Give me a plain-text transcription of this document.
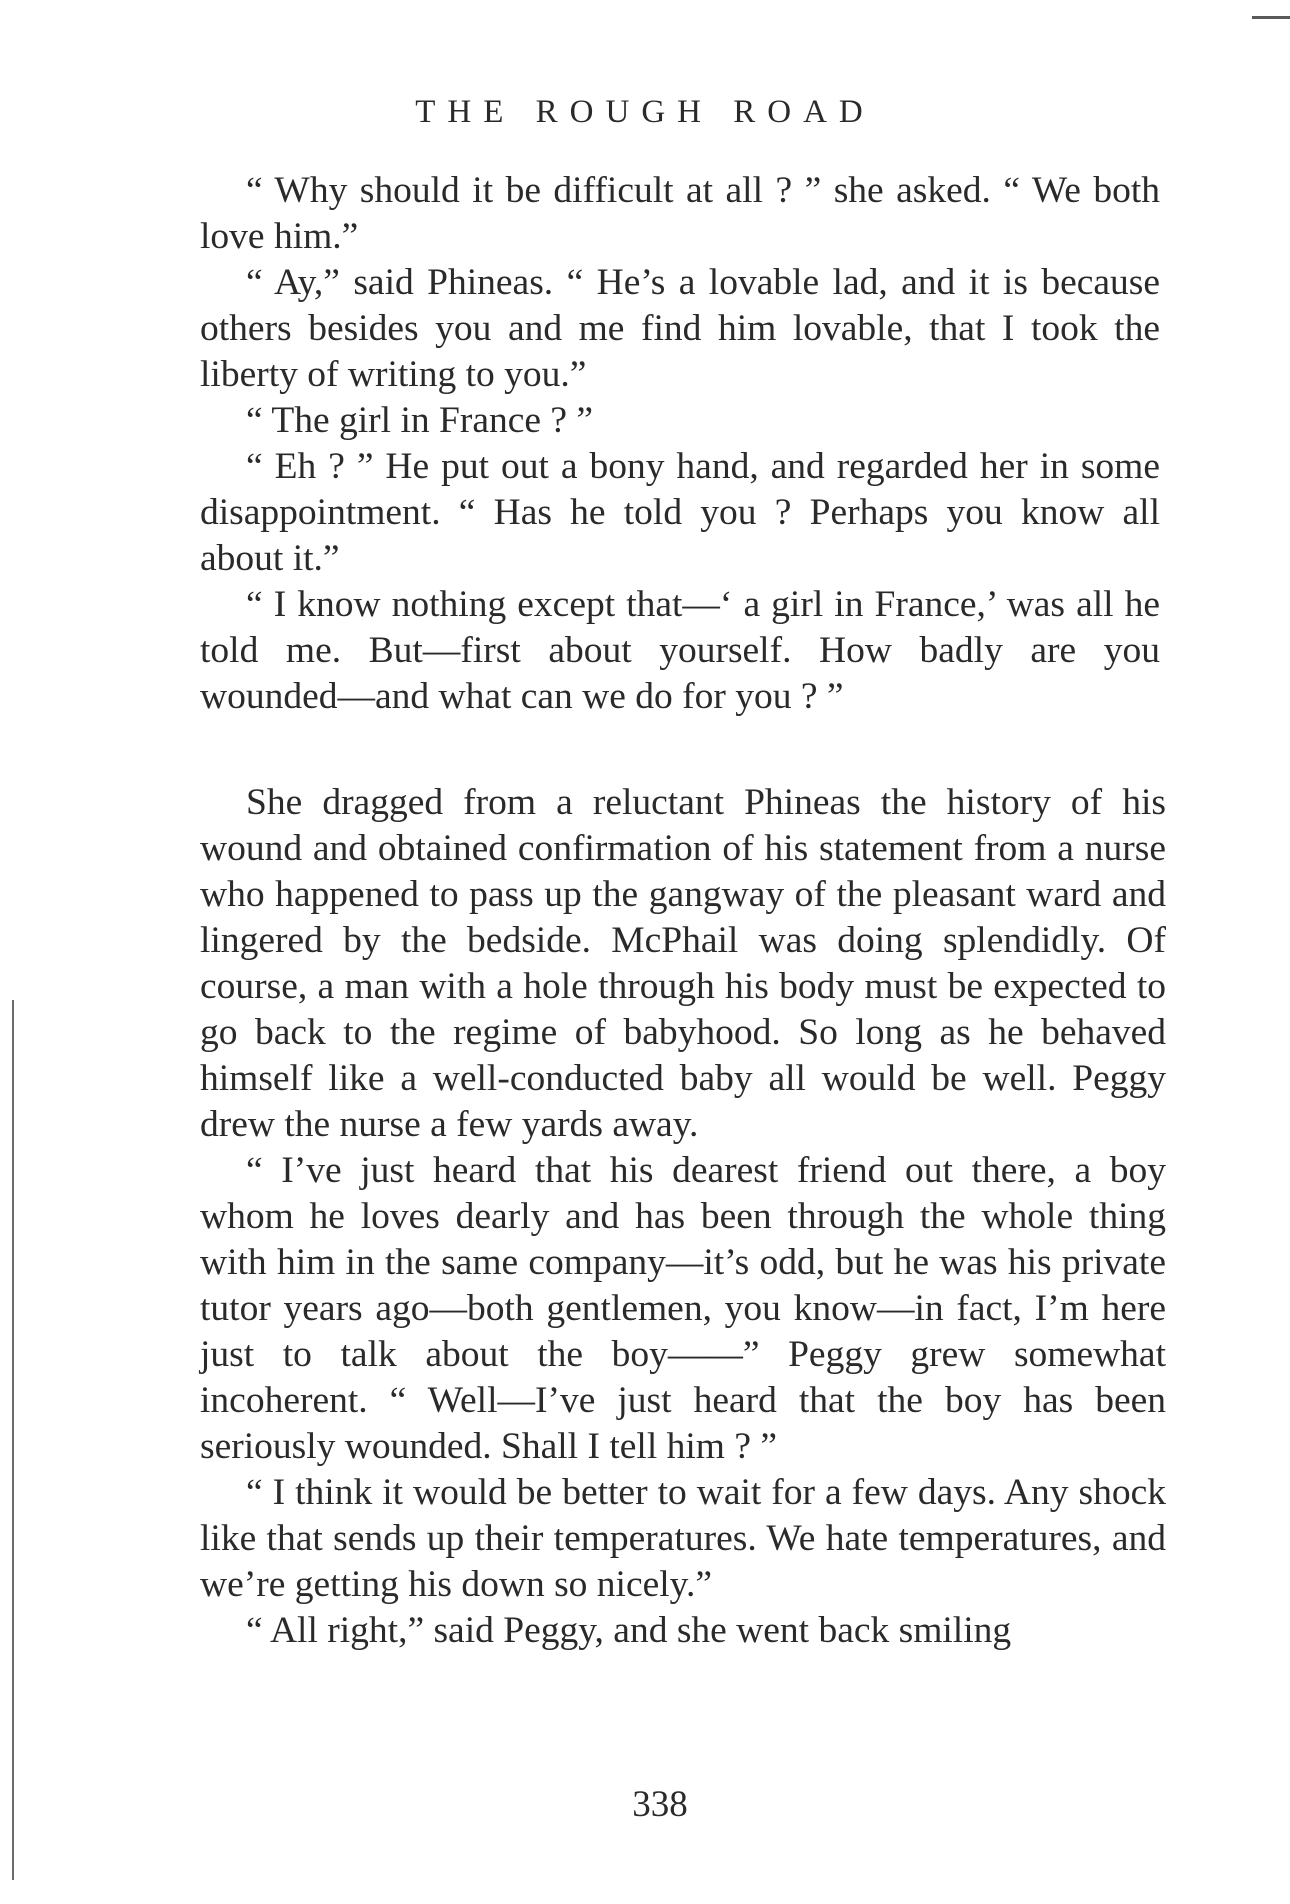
THE ROUGH ROAD

“ Why should it be difficult at all ? ” she asked. “ We both love him.”

“ Ay,” said Phineas. “ He’s a lovable lad, and it is because others besides you and me find him lovable, that I took the liberty of writing to you.”

“ The girl in France ? ”

“ Eh ? ” He put out a bony hand, and regarded her in some disappointment. “ Has he told you ? Perhaps you know all about it.”

“ I know nothing except that—‘ a girl in France,’ was all he told me. But—first about yourself. How badly are you wounded—and what can we do for you ? ”

She dragged from a reluctant Phineas the history of his wound and obtained confirmation of his statement from a nurse who happened to pass up the gangway of the pleasant ward and lingered by the bedside. McPhail was doing splendidly. Of course, a man with a hole through his body must be expected to go back to the regime of babyhood. So long as he behaved himself like a well-conducted baby all would be well. Peggy drew the nurse a few yards away.

“ I’ve just heard that his dearest friend out there, a boy whom he loves dearly and has been through the whole thing with him in the same company—it’s odd, but he was his private tutor years ago—both gentlemen, you know—in fact, I’m here just to talk about the boy——” Peggy grew somewhat incoherent. “ Well—I’ve just heard that the boy has been seriously wounded. Shall I tell him ? ”

“ I think it would be better to wait for a few days. Any shock like that sends up their temperatures. We hate temperatures, and we’re getting his down so nicely.”

“ All right,” said Peggy, and she went back smiling

338
